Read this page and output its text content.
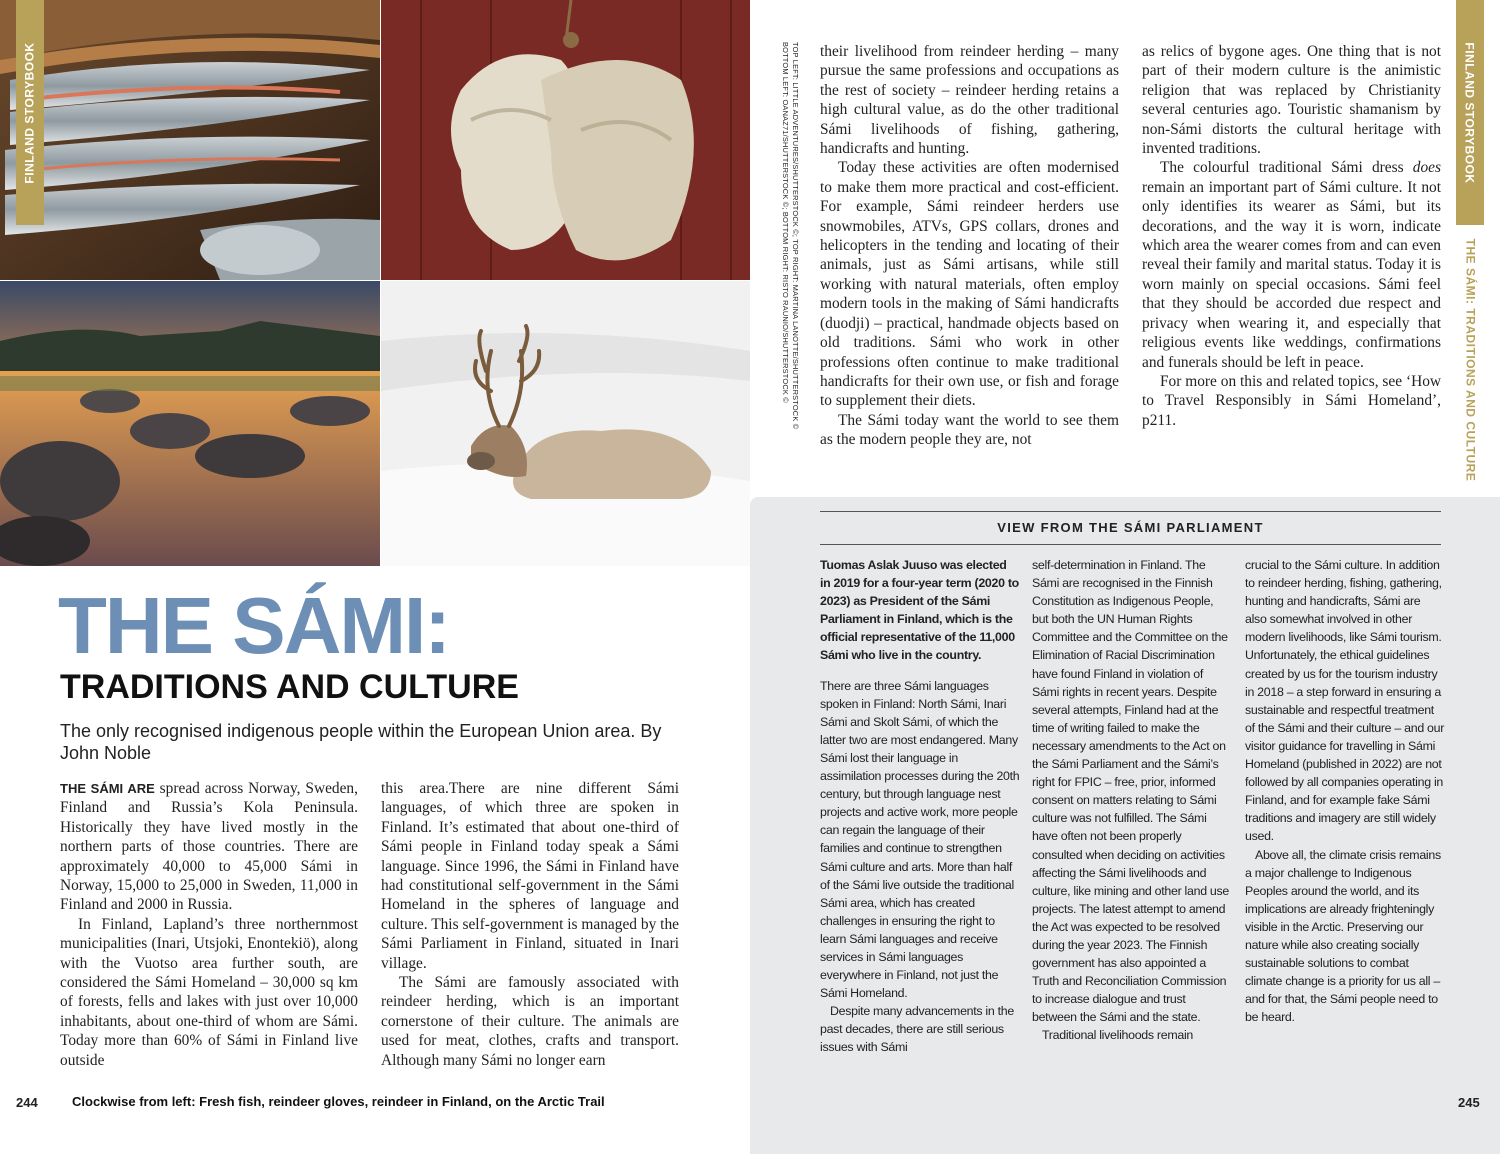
FINLAND STORYBOOK
THE SÁMI:
TRADITIONS AND CULTURE

The only recognised indigenous people within the European Union area. By John Noble

THE SÁMI ARE spread across Norway, Sweden, Finland and Russia’s Kola Peninsula. Historically they have lived mostly in the northern parts of those countries. There are approximately 40,000 to 45,000 Sámi in Norway, 15,000 to 25,000 in Sweden, 11,000 in Finland and 2000 in Russia.

In Finland, Lapland’s three northernmost municipalities (Inari, Utsjoki, Enontekiö), along with the Vuotso area further south, are considered the Sámi Homeland – 30,000 sq km of forests, fells and lakes with just over 10,000 inhabitants, about one-third of whom are Sámi. Today more than 60% of Sámi in Finland live outside

this area.There are nine different Sámi languages, of which three are spoken in Finland. It’s estimated that about one-third of Sámi people in Finland today speak a Sámi language. Since 1996, the Sámi in Finland have had constitutional self-government in the Sámi Homeland in the spheres of language and culture. This self-government is managed by the Sámi Parliament in Finland, situated in Inari village.

The Sámi are famously associated with reindeer herding, which is an important cornerstone of their culture. The animals are used for meat, clothes, crafts and transport. Although many Sámi no longer earn

244	Clockwise from left: Fresh fish, reindeer gloves, reindeer in Finland, on the Arctic Trail
TOP LEFT: LITTLE ADVENTURES/SHUTTERSTOCK ©; TOP RIGHT: MARTINA LANOTTE/SHUTTERSTOCK ©
BOTTOM LEFT: OANAZ71/SHUTTERSTOCK ©; BOTTOM RIGHT: RISTO RAUNIO/SHUTTERSTOCK © their livelihood from reindeer herding – many pursue the same professions and occupations as the rest of society – reindeer herding retains a high cultural value, as do the other traditional Sámi livelihoods of fishing, gathering, handicrafts and hunting.

Today these activities are often modernised to make them more practical and cost-efficient. For example, Sámi reindeer herders use snowmobiles, ATVs, GPS collars, drones and helicopters in the tending and locating of their animals, just as Sámi artisans, while still working with natural materials, often employ modern tools in the making of Sámi handicrafts (duodji) – practical, handmade objects based on old traditions. Sámi who work in other professions often continue to make traditional handicrafts for their own use, or fish and forage to supplement their diets.

The Sámi today want the world to see them as the modern people they are, not

as relics of bygone ages. One thing that is not part of their modern culture is the animistic religion that was replaced by Christianity several centuries ago. Touristic shamanism by non-Sámi distorts the cultural heritage with invented traditions.

The colourful traditional Sámi dress does remain an important part of Sámi culture. It not only identifies its wearer as Sámi, but its decorations, and the way it is worn, indicate which area the wearer comes from and can even reveal their family and marital status. Today it is worn mainly on special occasions. Sámi feel that they should be accorded due respect and privacy when wearing it, and especially that religious events like weddings, confirmations and funerals should be left in peace.

For more on this and related topics, see ‘How to Travel Responsibly in Sámi Homeland’, p211.

FINLAND STORYBOOK
THE SÁMI: TRADITIONS AND CULTURE
VIEW FROM THE SÁMI PARLIAMENT

Tuomas Aslak Juuso was elected in 2019 for a four-year term (2020 to 2023) as President of the Sámi Parliament in Finland, which is the official representative of the 11,000 Sámi who live in the country.

There are three Sámi languages spoken in Finland: North Sámi, Inari Sámi and Skolt Sámi, of which the latter two are most endangered. Many Sámi lost their language in assimilation processes during the 20th century, but through language nest projects and active work, more people can regain the language of their families and continue to strengthen Sámi culture and arts. More than half of the Sámi live outside the traditional Sámi area, which has created challenges in ensuring the right to learn Sámi languages and receive services in Sámi languages everywhere in Finland, not just the Sámi Homeland.

Despite many advancements in the past decades, there are still serious issues with Sámi

self-determination in Finland. The Sámi are recognised in the Finnish Constitution as Indigenous People, but both the UN Human Rights Committee and the Committee on the Elimination of Racial Discrimination have found Finland in violation of Sámi rights in recent years. Despite several attempts, Finland had at the time of writing failed to make the necessary amendments to the Act on the Sámi Parliament and the Sámi’s right for FPIC – free, prior, informed consent on matters relating to Sámi culture was not fulfilled. The Sámi have often not been properly consulted when deciding on activities affecting the Sámi livelihoods and culture, like mining and other land use projects. The latest attempt to amend the Act was expected to be resolved during the year 2023. The Finnish government has also appointed a Truth and Reconciliation Commission to increase dialogue and trust between the Sámi and the state.

Traditional livelihoods remain

crucial to the Sámi culture. In addition to reindeer herding, fishing, gathering, hunting and handicrafts, Sámi are also somewhat involved in other modern livelihoods, like Sámi tourism. Unfortunately, the ethical guidelines created by us for the tourism industry in 2018 – a step forward in ensuring a sustainable and respectful treatment of the Sámi and their culture – and our visitor guidance for travelling in Sámi Homeland (published in 2022) are not followed by all companies operating in Finland, and for example fake Sámi traditions and imagery are still widely used.

Above all, the climate crisis remains a major challenge to Indigenous Peoples around the world, and its implications are already frighteningly visible in the Arctic. Preserving our nature while also creating socially sustainable solutions to combat climate change is a priority for us all – and for that, the Sámi people need to be heard.

245
